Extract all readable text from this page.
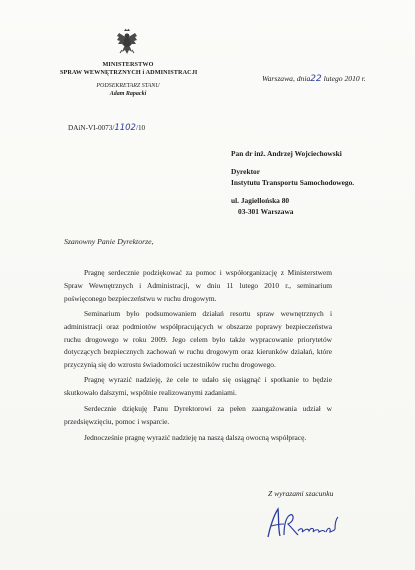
MINISTERSTWO
SPRAW WEWNĘTRZNYCH i ADMINISTRACJI
PODSEKRETARZ STANU
Adam Rapacki
Warszawa, dnia22 lutego 2010 r.
DAiN-VI-0073/1102/10
Pan dr inż. Andrzej Wojciechowski
Dyrektor
Instytutu Transportu Samochodowego.
ul. Jagiellońska 80
03-301 Warszawa
Szanowny Panie Dyrektorze,

Pragnę serdecznie podziękować za pomoc i współorganizację z Ministerstwem Spraw Wewnętrznych i Administracji, w dniu 11 lutego 2010 r., seminarium poświęconego bezpieczeństwu w ruchu drogowym.

Seminarium było podsumowaniem działań resortu spraw wewnętrznych i administracji oraz podmiotów współpracujących w obszarze poprawy bezpieczeństwa ruchu drogowego w roku 2009. Jego celem było także wypracowanie priorytetów dotyczących bezpiecznych zachowań w ruchu drogowym oraz kierunków działań, które przyczynią się do wzrostu świadomości uczestników ruchu drogowego.

Pragnę wyrazić nadzieję, że cele te udało się osiągnąć i spotkanie to będzie skutkowało dalszymi, wspólnie realizowanymi zadaniami.

Serdecznie dziękuję Panu Dyrektorowi za pełen zaangażowania udział w przedsięwzięciu, pomoc i wsparcie.

Jednocześnie pragnę wyrazić nadzieję na naszą dalszą owocną współpracę.

Z wyrazami szacunku
